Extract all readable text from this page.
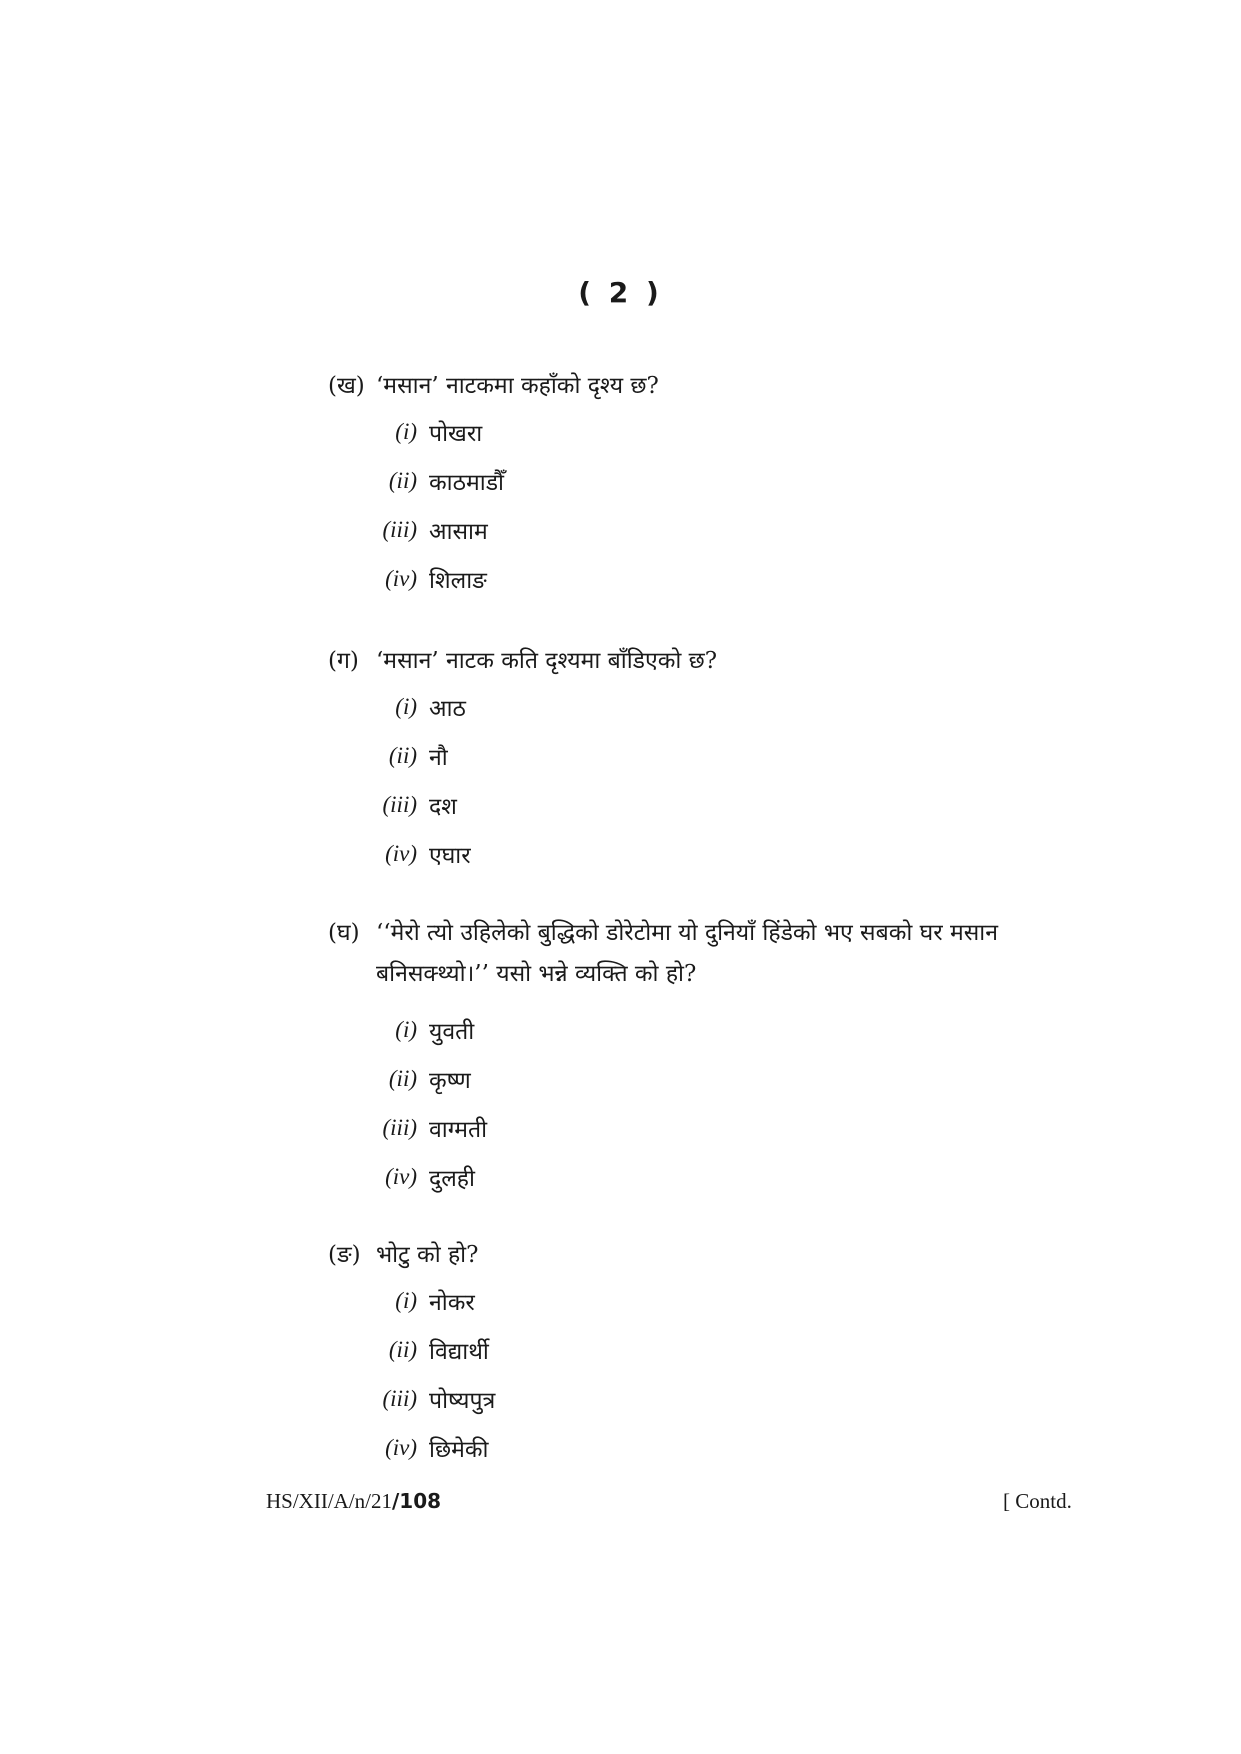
( 2 )
(ख) ‘मसान’ नाटकमा कहाँको दृश्य छ?
(i) पोखरा
(ii) काठमाडौँ
(iii) आसाम
(iv) शिलाङ
(ग) ‘मसान’ नाटक कति दृश्यमा बाँडिएको छ?
(i) आठ
(ii) नौ
(iii) दश
(iv) एघार
(घ) ‘‘मेरो त्यो उहिलेको बुद्धिको डोरेटोमा यो दुनियाँ हिंडेको भए सबको घर मसान बनिसक्थ्यो।’’ यसो भन्ने व्यक्ति को हो?
(i) युवती
(ii) कृष्ण
(iii) वाग्मती
(iv) दुलही
(ङ) भोटु को हो?
(i) नोकर
(ii) विद्यार्थी
(iii) पोष्यपुत्र
(iv) छिमेकी
HS/XII/A/n/21/108	[ Contd.
